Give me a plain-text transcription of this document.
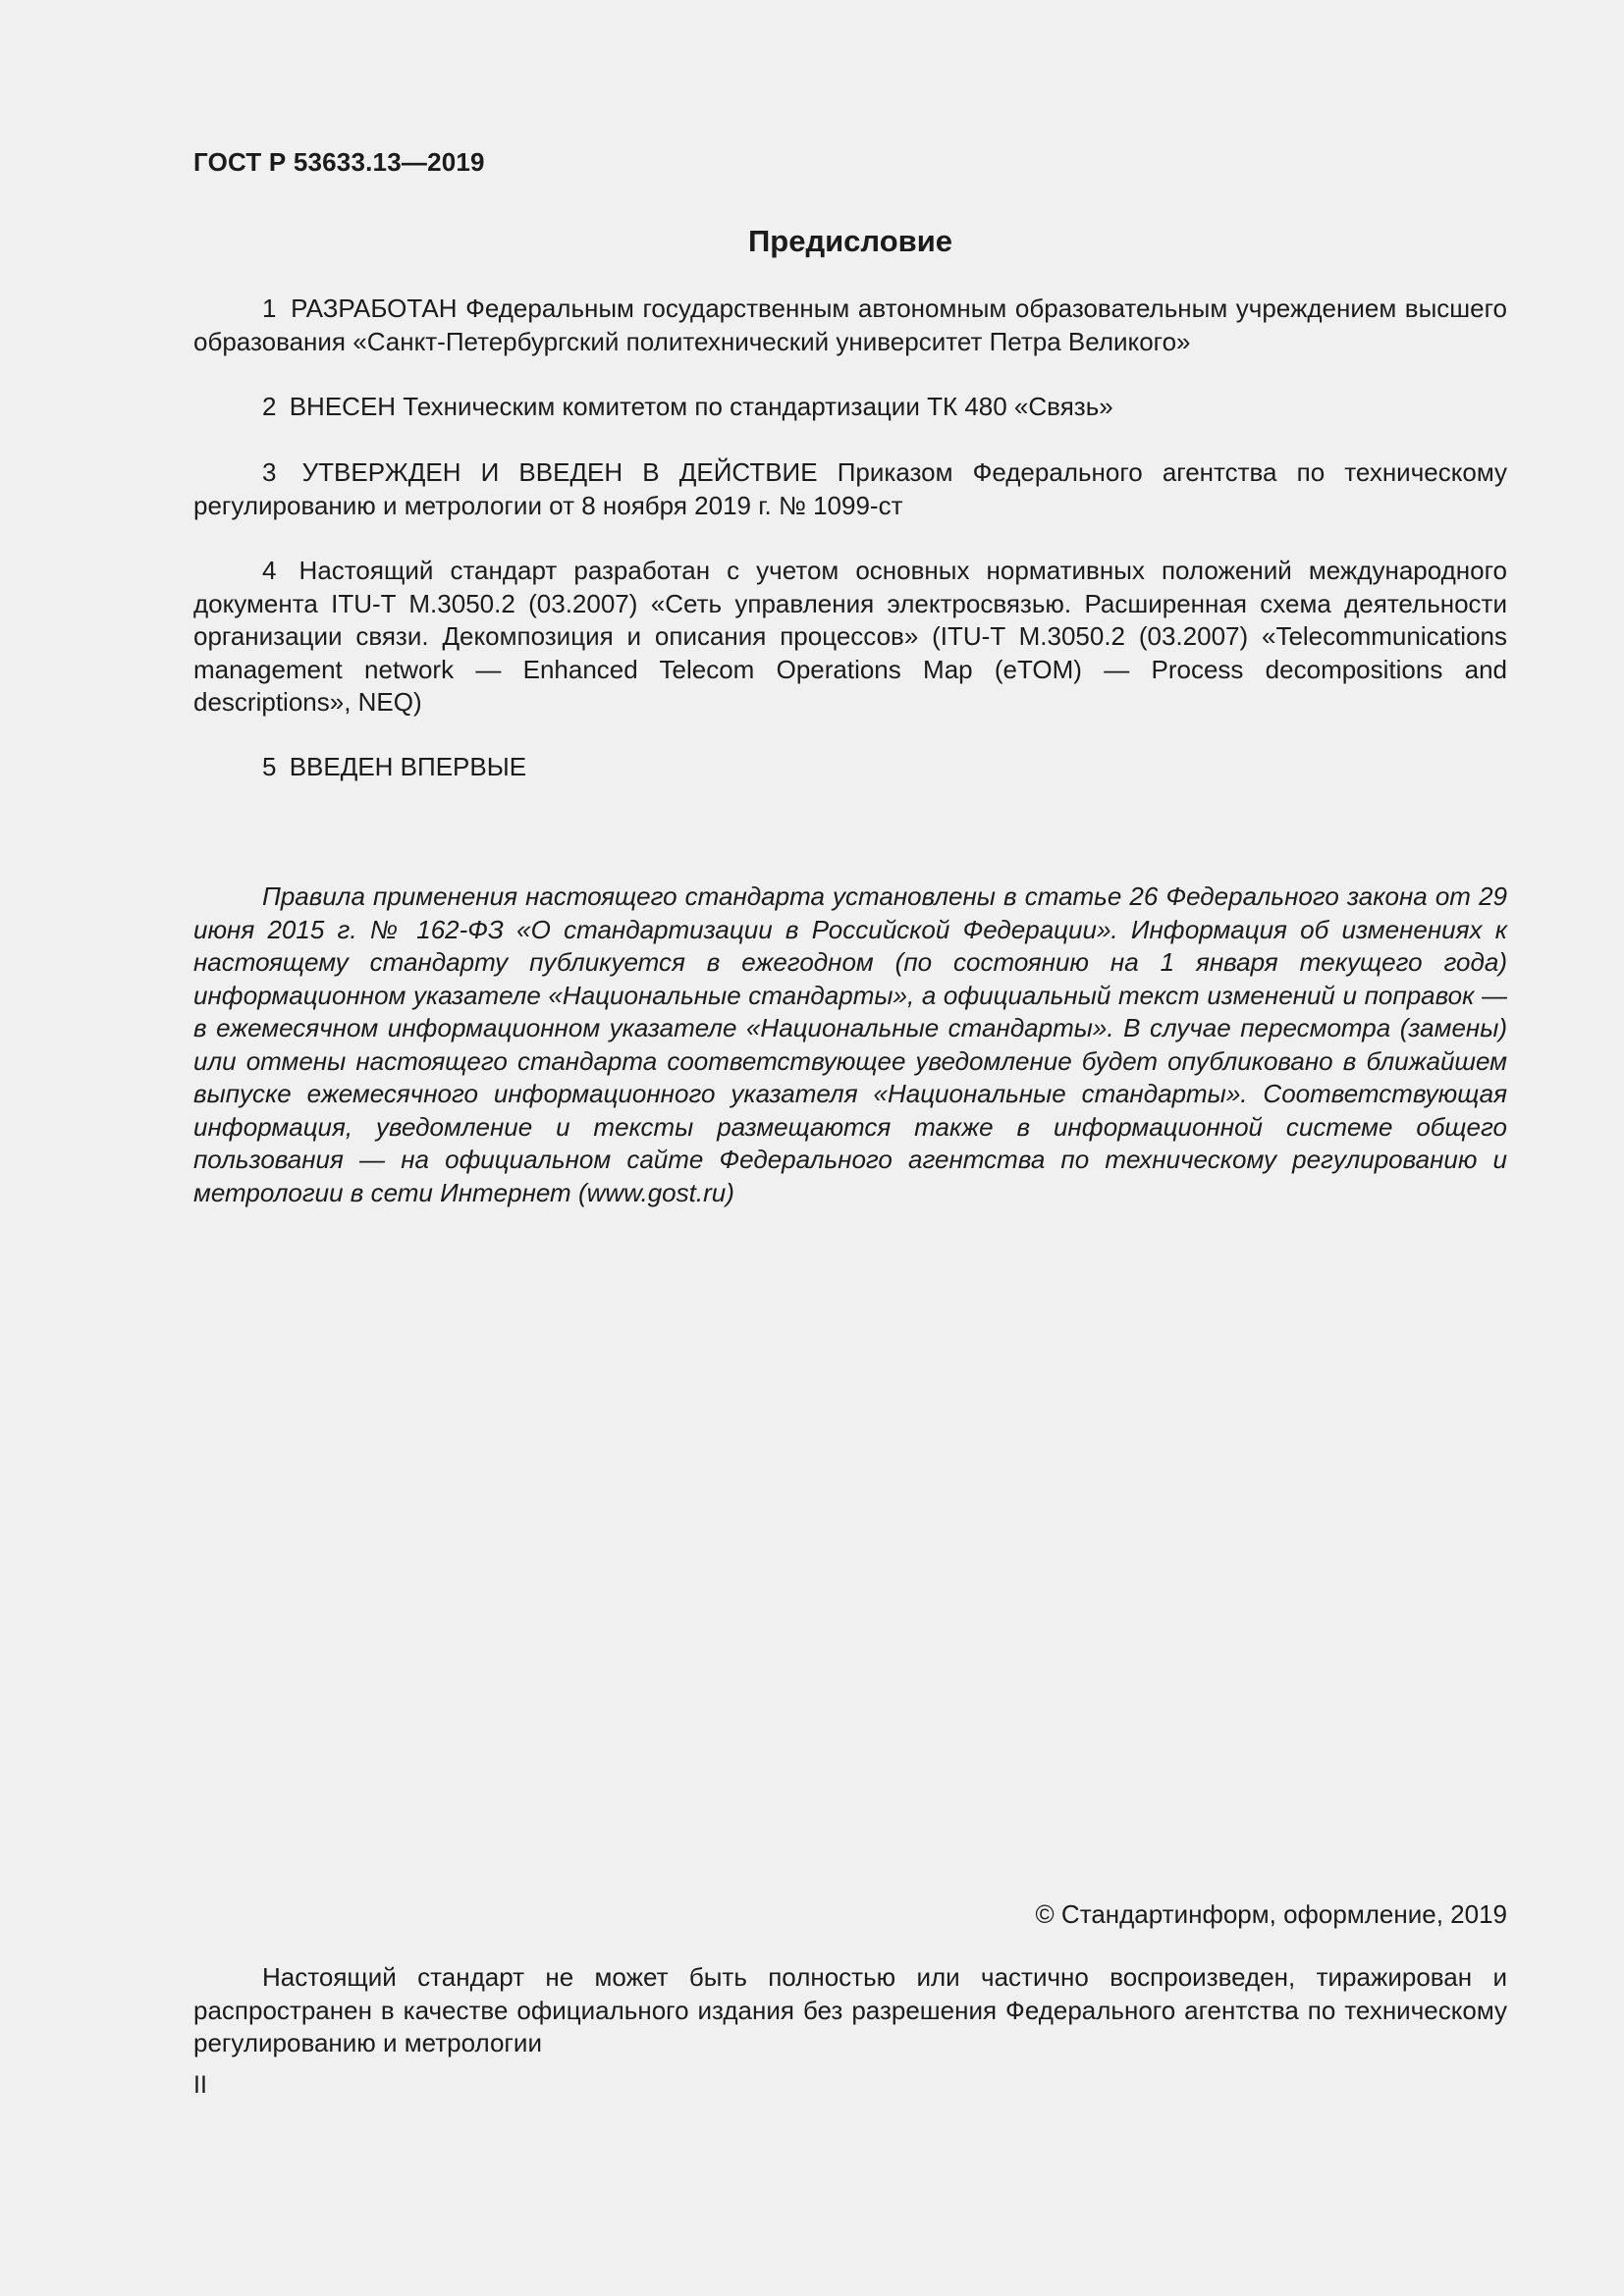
ГОСТ Р 53633.13—2019
Предисловие

1 РАЗРАБОТАН Федеральным государственным автономным образовательным учреждением высшего образования «Санкт-Петербургский политехнический университет Петра Великого»

2 ВНЕСЕН Техническим комитетом по стандартизации ТК 480 «Связь»

3 УТВЕРЖДЕН И ВВЕДЕН В ДЕЙСТВИЕ Приказом Федерального агентства по техническому регулированию и метрологии от 8 ноября 2019 г. № 1099-ст

4 Настоящий стандарт разработан с учетом основных нормативных положений международного документа ITU-T M.3050.2 (03.2007) «Сеть управления электросвязью. Расширенная схема деятельности организации связи. Декомпозиция и описания процессов» (ITU-T M.3050.2 (03.2007) «Telecommunications management network — Enhanced Telecom Operations Map (eTOM) — Process decompositions and descriptions», NEQ)

5 ВВЕДЕН ВПЕРВЫЕ

Правила применения настоящего стандарта установлены в статье 26 Федерального закона от 29 июня 2015 г. № 162-ФЗ «О стандартизации в Российской Федерации». Информация об изменениях к настоящему стандарту публикуется в ежегодном (по состоянию на 1 января текущего года) информационном указателе «Национальные стандарты», а официальный текст изменений и поправок — в ежемесячном информационном указателе «Национальные стандарты». В случае пересмотра (замены) или отмены настоящего стандарта соответствующее уведомление будет опубликовано в ближайшем выпуске ежемесячного информационного указателя «Национальные стандарты». Соответствующая информация, уведомление и тексты размещаются также в информационной системе общего пользования — на официальном сайте Федерального агентства по техническому регулированию и метрологии в сети Интернет (www.gost.ru)

© Стандартинформ, оформление, 2019

Настоящий стандарт не может быть полностью или частично воспроизведен, тиражирован и распространен в качестве официального издания без разрешения Федерального агентства по техническому регулированию и метрологии

II
